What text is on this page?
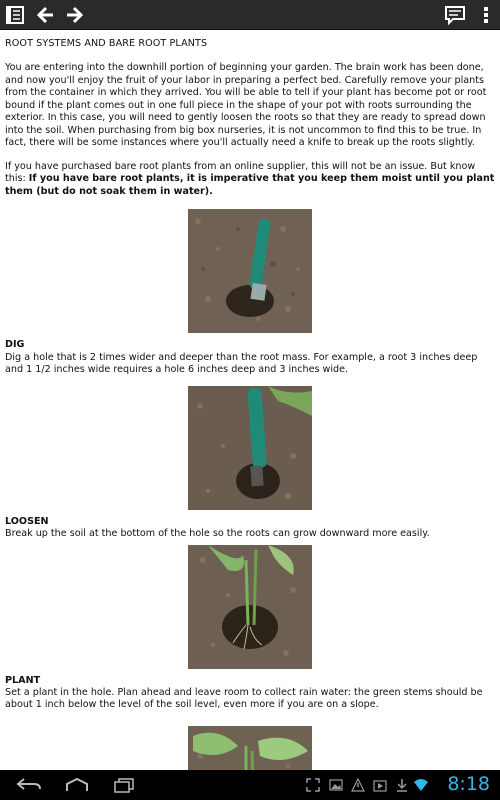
ROOT SYSTEMS AND BARE ROOT PLANTS

You are entering into the downhill portion of beginning your garden. The brain work has been done, and now you'll enjoy the fruit of your labor in preparing a perfect bed. Carefully remove your plants from the container in which they arrived. You will be able to tell if your plant has become pot or root bound if the plant comes out in one full piece in the shape of your pot with roots surrounding the exterior. In this case, you will need to gently loosen the roots so that they are ready to spread down into the soil. When purchasing from big box nurseries, it is not uncommon to find this to be true. In fact, there will be some instances where you'll actually need a knife to break up the roots slightly.

If you have purchased bare root plants from an online supplier, this will not be an issue. But know this: If you have bare root plants, it is imperative that you keep them moist until you plant them (but do not soak them in water).

DIG
Dig a hole that is 2 times wider and deeper than the root mass. For example, a root 3 inches deep and 1 1/2 inches wide requires a hole 6 inches deep and 3 inches wide.
LOOSEN
Break up the soil at the bottom of the hole so the roots can grow downward more easily.
PLANT
Set a plant in the hole. Plan ahead and leave room to collect rain water: the green stems should be about 1 inch below the level of the soil level, even more if you are on a slope.
8:18
